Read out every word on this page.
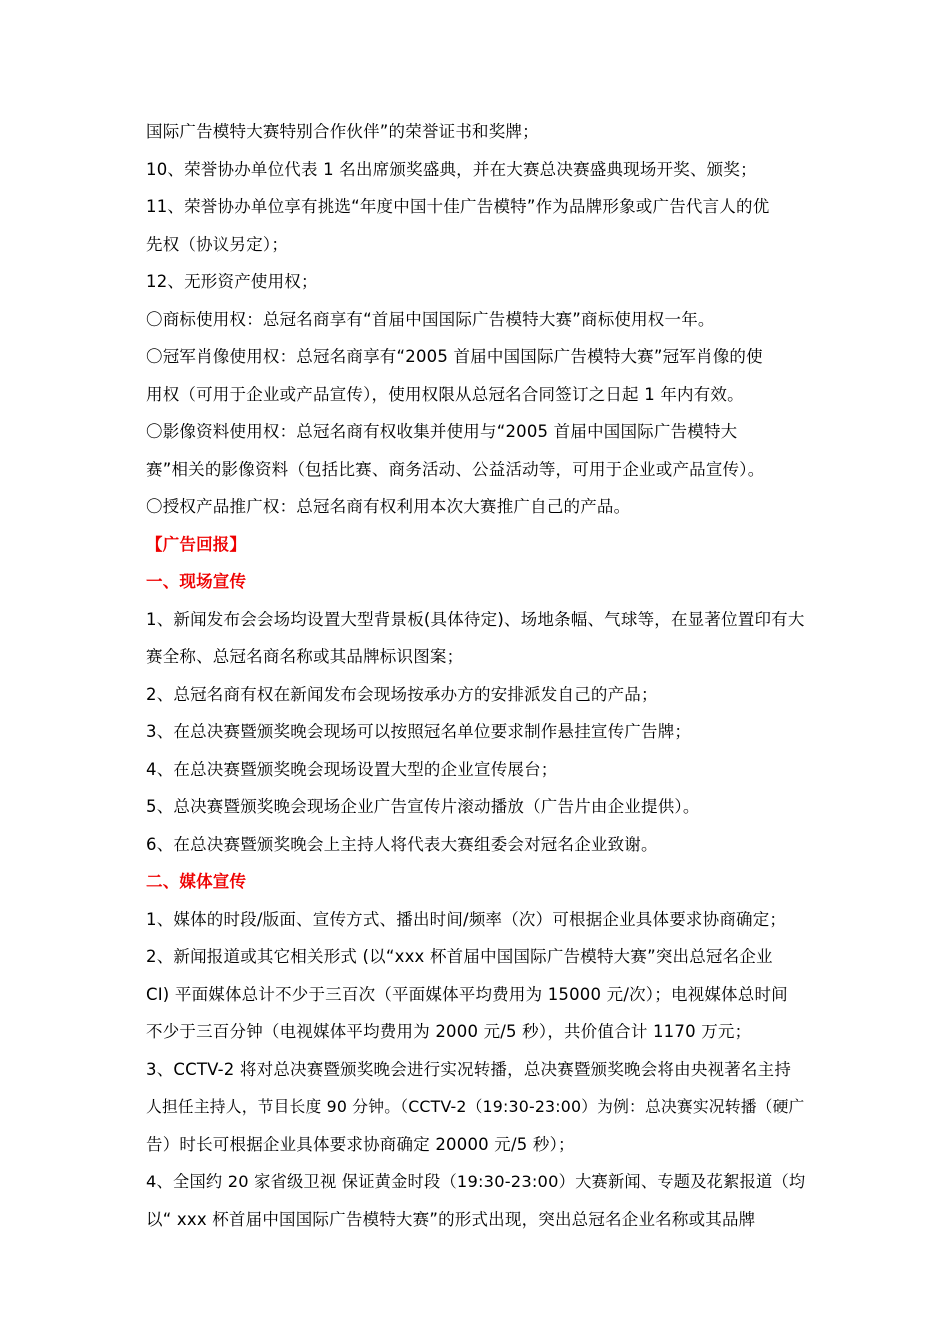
国际广告模特大赛特别合作伙伴”的荣誉证书和奖牌；
10、荣誉协办单位代表 1 名出席颁奖盛典，并在大赛总决赛盛典现场开奖、颁奖；
11、荣誉协办单位享有挑选“年度中国十佳广告模特”作为品牌形象或广告代言人的优
先权（协议另定）；
12、无形资产使用权；
〇商标使用权：总冠名商享有“首届中国国际广告模特大赛”商标使用权一年。
〇冠军肖像使用权：总冠名商享有“2005 首届中国国际广告模特大赛”冠军肖像的使
用权（可用于企业或产品宣传），使用权限从总冠名合同签订之日起 1 年内有效。
〇影像资料使用权：总冠名商有权收集并使用与“2005 首届中国国际广告模特大
赛”相关的影像资料（包括比赛、商务活动、公益活动等，可用于企业或产品宣传）。
〇授权产品推广权：总冠名商有权利用本次大赛推广自己的产品。
【广告回报】
一、现场宣传
1、新闻发布会会场均设置大型背景板(具体待定)、场地条幅、气球等，在显著位置印有大
赛全称、总冠名商名称或其品牌标识图案；
2、总冠名商有权在新闻发布会现场按承办方的安排派发自己的产品；
3、在总决赛暨颁奖晚会现场可以按照冠名单位要求制作悬挂宣传广告牌；
4、在总决赛暨颁奖晚会现场设置大型的企业宣传展台；
5、总决赛暨颁奖晚会现场企业广告宣传片滚动播放（广告片由企业提供）。
6、在总决赛暨颁奖晚会上主持人将代表大赛组委会对冠名企业致谢。
二、媒体宣传
1、媒体的时段/版面、宣传方式、播出时间/频率（次）可根据企业具体要求协商确定；
2、新闻报道或其它相关形式 (以“xxx 杯首届中国国际广告模特大赛”突出总冠名企业
CI) 平面媒体总计不少于三百次（平面媒体平均费用为 15000 元/次）；电视媒体总时间
不少于三百分钟（电视媒体平均费用为 2000 元/5 秒），共价值合计 1170 万元；
3、CCTV-2 将对总决赛暨颁奖晚会进行实况转播，总决赛暨颁奖晚会将由央视著名主持
人担任主持人，节目长度 90 分钟。（CCTV-2（19:30-23:00）为例：总决赛实况转播（硬广
告）时长可根据企业具体要求协商确定 20000 元/5 秒）；
4、全国约 20 家省级卫视 保证黄金时段（19:30-23:00）大赛新闻、专题及花絮报道（均
以“ xxx 杯首届中国国际广告模特大赛”的形式出现，突出总冠名企业名称或其品牌
